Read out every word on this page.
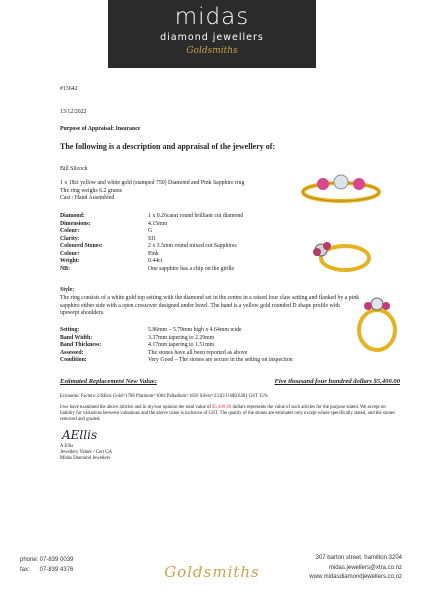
midas
diamond jewellers
Goldsmiths
#13642
13/12/2022
Purpose of Appraisal: Insurance
The following is a description and appraisal of the jewellery of:
Bill Silcock
1 x 18ct yellow and white gold (stamped 750) Diamond and Pink Sapphire ring
The ring weighs 6.2 grams
Cast / Hand Assembled
Diamond:	1 x 0.26carat round brilliant cut diamond
Dimensions:	4.15mm
Colour:	G
Clarity:	SI1
Coloured Stones:	2 x 3.5mm round mixed cut Sapphires
Colour:	Pink
Weight:	0.44ct
NB:	One sapphire has a chip on the girdle
Style:
The ring consists of a white gold top setting with the diamond set in the centre in a raised four claw setting and flanked by a pink sapphire either side with a open crossover designed under bezel. The band is a yellow gold rounded D shape profile with upswept shoulders.
Setting:	5.86mm – 5.79mm high x 4.64mm wide
Band Width:	3.37mm tapering to 2.29mm
Band Thickness:	4.17mm tapering to 1.51mm
Assessed:	The stones have all been reported as above
Condition:	Very Good – The stones are secure in the setting on inspection
Estimated Replacement New Value:	Five thousand four hundred dollars $5,400.00
Economic Factors: US$/oz Gold=1788 Platinum=1004 Palladium=1850 Silver=23.03 US$0.6381 GST 15%
I/we have examined the above articles and in my/our opinion the total value of $5,400.00 dollars represents the value of such articles for the purpose stated. We accept no liability for variations between valuations and the above value is inclusive of GST. The quality of the stones are estimates only except where specifically stated, and the stones removed and graded.
AEllis
A Ellis
Jewellery Valuer / Cert GA
Midas Diamond Jewellers
phone: 07-839 0039
fax: 07-839 4376	Goldsmiths
307 barton street, hamilton 3204
midas.jewellers@xtra.co.nz
www.midasdiamondjewellers.co.nz
